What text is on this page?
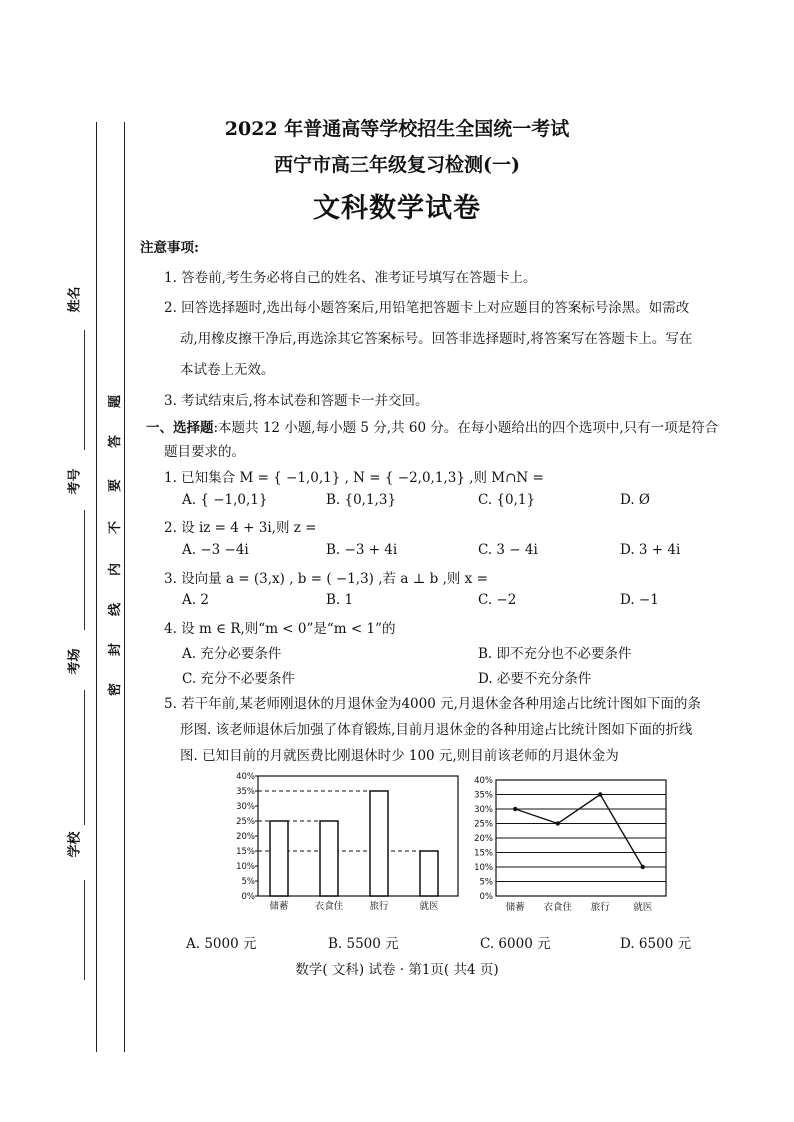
姓名
考号
考场
学校
密
封
线
内
不
要
答
题
2022 年普通高等学校招生全国统一考试
西宁市高三年级复习检测(一)
文科数学试卷
注意事项:
1. 答卷前,考生务必将自己的姓名、准考证号填写在答题卡上。
2. 回答选择题时,选出每小题答案后,用铅笔把答题卡上对应题目的答案标号涂黑。如需改
动,用橡皮擦干净后,再选涂其它答案标号。回答非选择题时,将答案写在答题卡上。写在
本试卷上无效。
3. 考试结束后,将本试卷和答题卡一并交回。
一、选择题:本题共 12 小题,每小题 5 分,共 60 分。在每小题给出的四个选项中,只有一项是符合
题目要求的。
1. 已知集合 M = { −1,0,1} , N = { −2,0,1,3} ,则 M∩N =
A. { −1,0,1}	B. {0,1,3}	C. {0,1}	D. Ø
2. 设 iz = 4 + 3i,则 z =
A. −3 −4i	B. −3 + 4i	C. 3 − 4i	D. 3 + 4i
3. 设向量 a = (3,x) , b = ( −1,3) ,若 a ⊥ b ,则 x =
A. 2	B. 1	C. −2	D. −1
4. 设 m ∈ R,则“m < 0”是“m < 1”的
A. 充分必要条件	B. 即不充分也不必要条件
C. 充分不必要条件	D. 必要不充分条件
5. 若干年前,某老师刚退休的月退休金为4000 元,月退休金各种用途占比统计图如下面的条
形图. 该老师退休后加强了体育锻炼,目前月退休金的各种用途占比统计图如下面的折线
图. 已知目前的月就医费比刚退休时少 100 元,则目前该老师的月退休金为
0%
5%
10%
15%
20%
25%
30%
35%
40%
储蓄	衣食住	旅行	就医
0%
5%
10%
15%
20%
25%
30%
35%
40%
储蓄 衣食住 旅行 就医
A. 5000 元	B. 5500 元	C. 6000 元	D. 6500 元
数学( 文科) 试卷 · 第1页( 共4 页)
